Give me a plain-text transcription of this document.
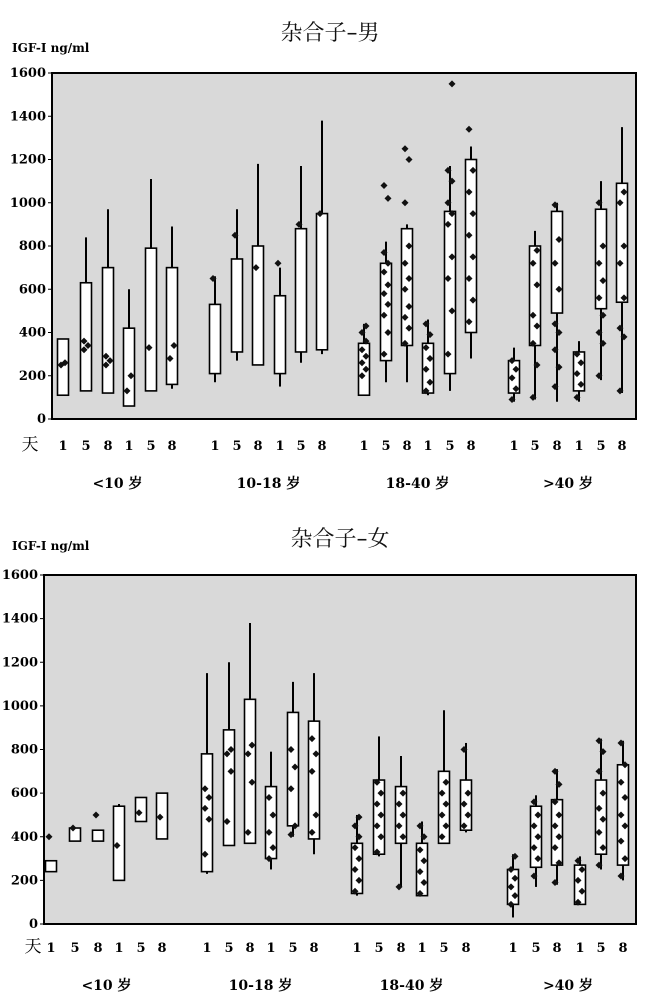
杂合子–男
IGF-I ng/ml
0
200
400
600
800
1000
1200
1400
1600
天 1 5 8 1 5 8
<10 岁
1 5 8 1 5 8
10-18 岁
1 5 8 1 5 8
18-40 岁
1 5 8 1 5 8
>40 岁
杂合子–女
IGF-I ng/ml
0
200
400
600
800
1000
1200
1400
1600
天 1 5 8 1 5 8
<10 岁
1 5 8 1 5 8
10-18 岁
1 5 8 1 5 8
18-40 岁
1 5 8 1 5 8
>40 岁
